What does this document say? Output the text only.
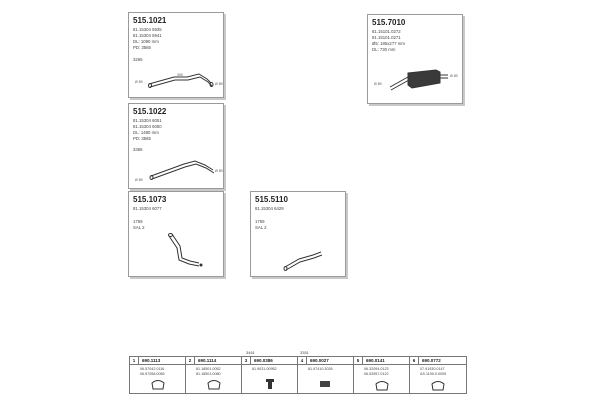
515.1021
81.15304 5935
81.15304 5941
DL: 1090 mm
PD: 3565
3265
Ø 89	Ø 89
390
515.7010
81.15101.0272
81.15101.0271
Ø5: 185x277 mm
DL: 730 mm
Ø 89
Ø 89
515.1022
81.15304 6051
81.15304 6050
DL: 1480 mm
PD: 3565
3365
Ø 89
Ø 89
515.1073
81.15304 6077
1759
SAL 2
515.5110
81.15304 6429
1759
SAL 2
3461	3351
1 690.1113
06.57042.0116
06.57058.0065
2 690.1114
81.18501.0052
81.18501.0080
3 690.0386
81.9031.00952
4 690.0027
81.97410.3026
5 690.0141
06.32094.0123
06.53957.0122
6 690.0772
07.91930.0147
AS.1190.0.0005
